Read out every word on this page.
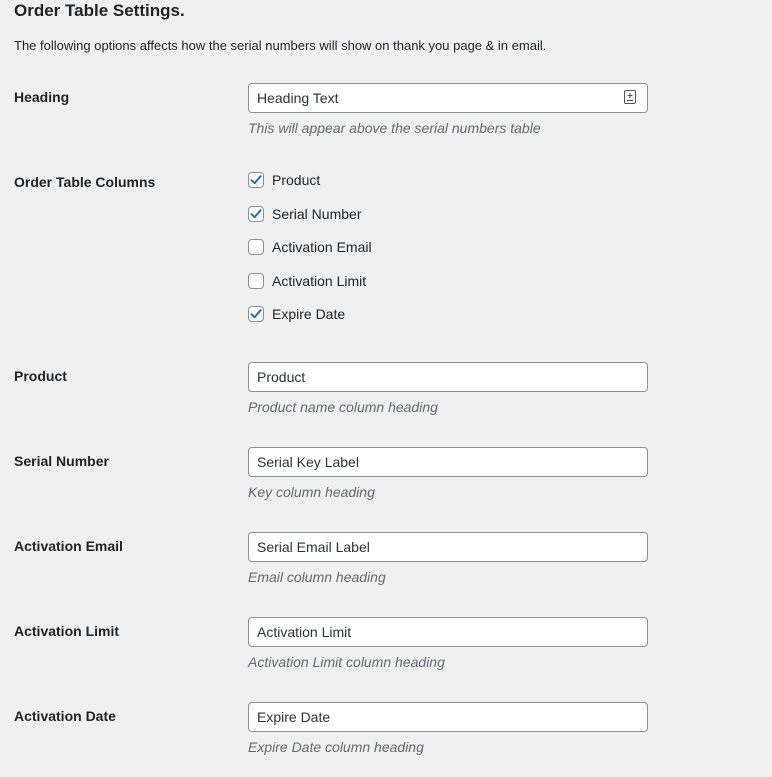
Order Table Settings.

The following options affects how the serial numbers will show on thank you page & in email.

Heading
Heading Text
This will appear above the serial numbers table
Order Table Columns	Product
Serial Number
Activation Email
Activation Limit
Expire Date
Product
Product
Product name column heading
Serial Number
Serial Key Label
Key column heading
Activation Email
Serial Email Label
Email column heading
Activation Limit
Activation Limit
Activation Limit column heading
Activation Date
Expire Date
Expire Date column heading
